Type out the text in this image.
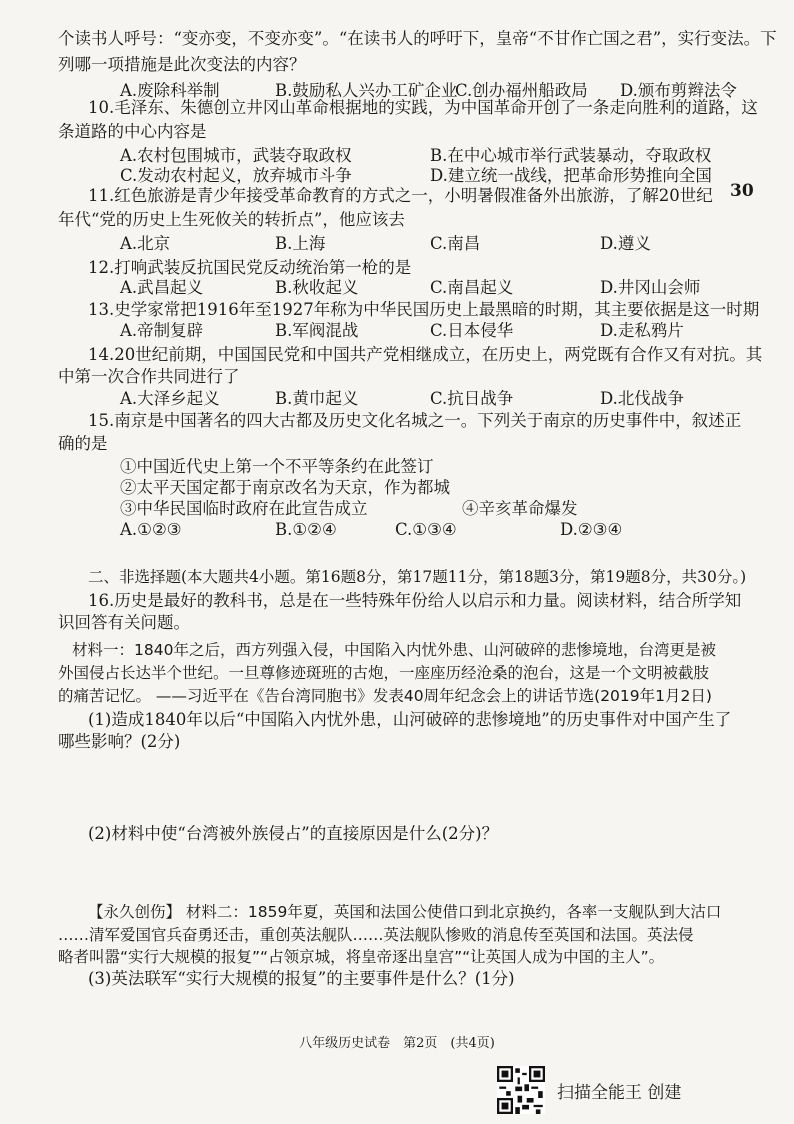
个读书人呼号：“变亦变，不变亦变”。“在读书人的呼吁下，皇帝“不甘作亡国之君”，实行变法。下
列哪一项措施是此次变法的内容？
A.废除科举制	B.鼓励私人兴办工矿企业
C.创办福州船政局 D.颁布剪辫法令
10.毛泽东、朱德创立井冈山革命根据地的实践，为中国革命开创了一条走向胜利的道路，这
条道路的中心内容是
A.农村包围城市，武装夺取政权	B.在中心城市举行武装暴动，夺取政权
C.发动农村起义，放弃城市斗争	D.建立统一战线，把革命形势推向全国
11.红色旅游是青少年接受革命教育的方式之一，小明暑假准备外出旅游，了解20世纪	30
年代“党的历史上生死攸关的转折点”，他应该去
A.北京	B.上海	C.南昌	D.遵义
12.打响武装反抗国民党反动统治第一枪的是
A.武昌起义	B.秋收起义	C.南昌起义	D.井冈山会师
13.史学家常把1916年至1927年称为中华民国历史上最黑暗的时期，其主要依据是这一时期
A.帝制复辟	B.军阀混战	C.日本侵华	D.走私鸦片
14.20世纪前期，中国国民党和中国共产党相继成立，在历史上，两党既有合作又有对抗。其
中第一次合作共同进行了
A.大泽乡起义	B.黄巾起义	C.抗日战争	D.北伐战争
15.南京是中国著名的四大古都及历史文化名城之一。下列关于南京的历史事件中，叙述正
确的是
①中国近代史上第一个不平等条约在此签订
②太平天国定都于南京改名为天京，作为都城
③中华民国临时政府在此宣告成立	④辛亥革命爆发
A.①②③	B.①②④	C.①③④	D.②③④
二、非选择题(本大题共4小题。第16题8分，第17题11分，第18题3分，第19题8分，共30分。)
16.历史是最好的教科书，总是在一些特殊年份给人以启示和力量。阅读材料，结合所学知
识回答有关问题。
材料一：1840年之后，西方列强入侵，中国陷入内忧外患、山河破碎的悲惨境地，台湾更是被
外国侵占长达半个世纪。一旦尊修迹斑班的古炮，一座座历经沧桑的泡台，这是一个文明被截肢
的痛苦记忆。 ——习近平在《告台湾同胞书》发表40周年纪念会上的讲话节选(2019年1月2日)
(1)造成1840年以后“中国陷入内忧外患，山河破碎的悲惨境地”的历史事件对中国产生了
哪些影响？(2分)
(2)材料中使“台湾被外族侵占”的直接原因是什么(2分)？
【永久创伤】 材料二：1859年夏，英国和法国公使借口到北京换约，各率一支舰队到大沽口
……清军爱国官兵奋勇还击，重创英法舰队……英法舰队惨败的消息传至英国和法国。英法侵
略者叫嚣“实行大规模的报复”“占领京城，将皇帝逐出皇宫”“让英国人成为中国的主人”。
(3)英法联军“实行大规模的报复”的主要事件是什么？(1分)
八年级历史试卷　第2页　(共4页)
扫描全能王 创建
